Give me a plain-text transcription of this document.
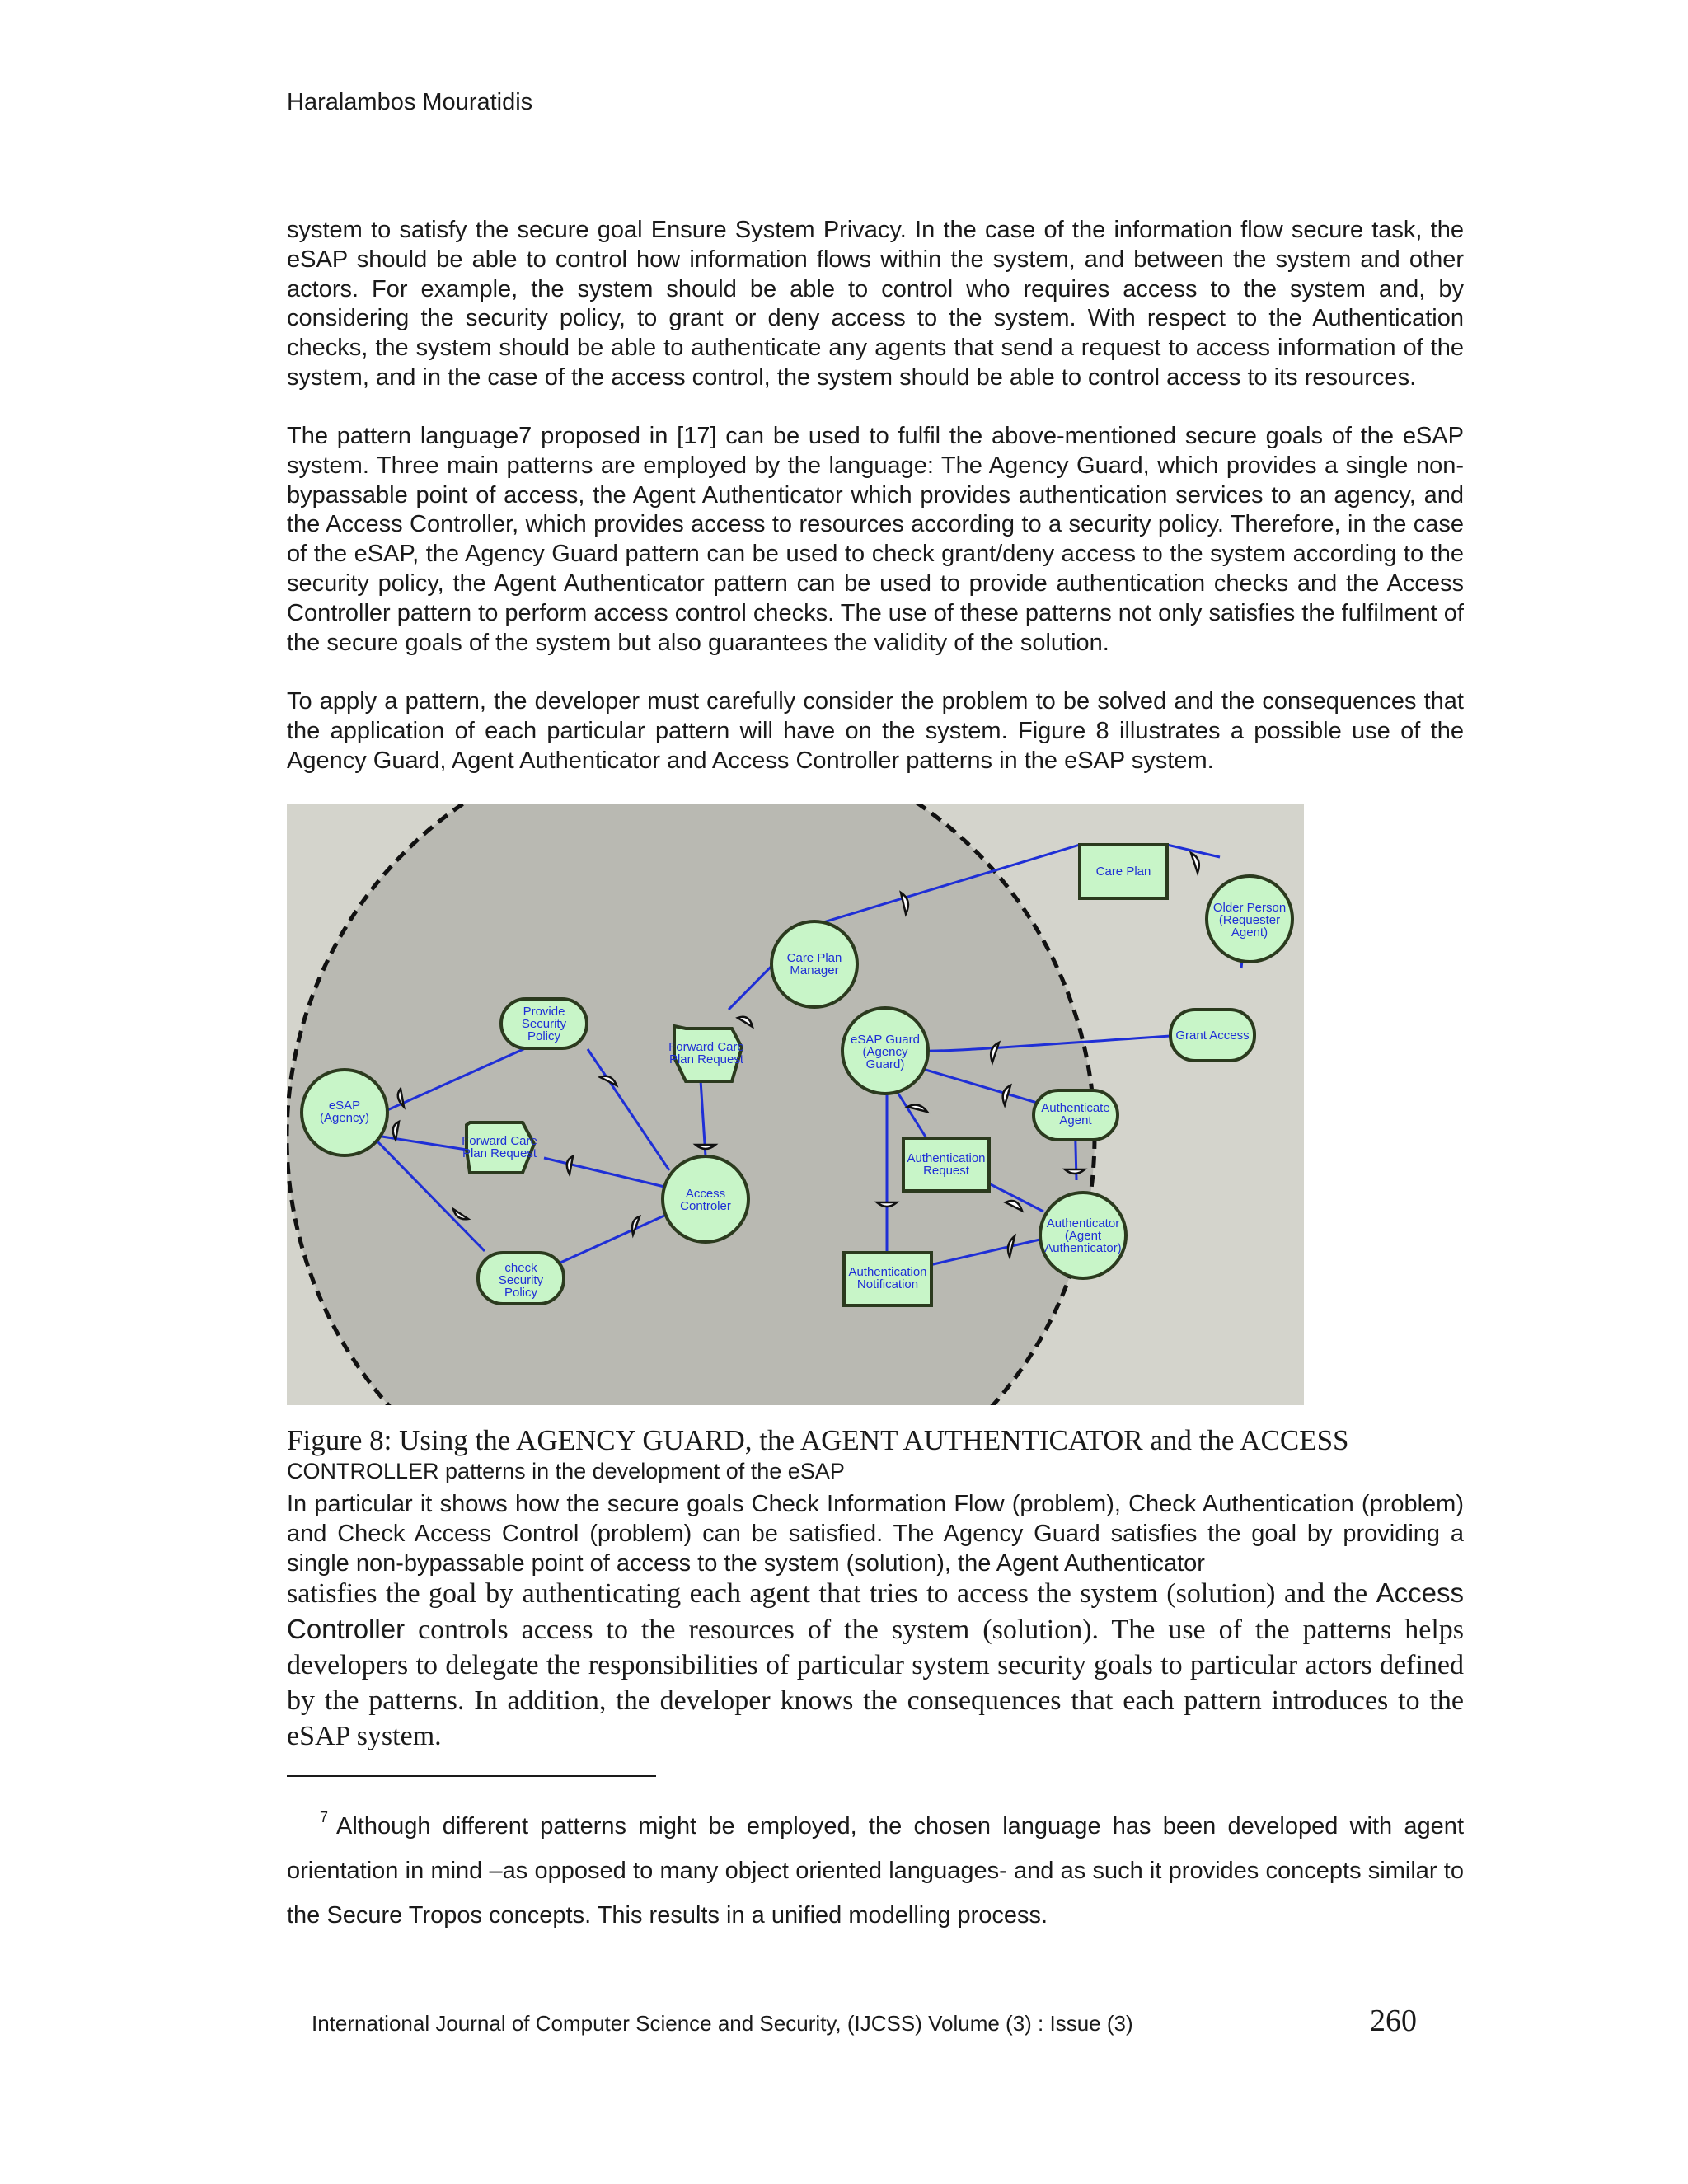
Haralambos Mouratidis

system to satisfy the secure goal Ensure System Privacy. In the case of the information flow secure task, the eSAP should be able to control how information flows within the system, and between the system and other actors. For example, the system should be able to control who requires access to the system and, by considering the security policy, to grant or deny access to the system. With respect to the Authentication checks, the system should be able to authenticate any agents that send a request to access information of the system, and in the case of the access control, the system should be able to control access to its resources.

The pattern language7 proposed in [17] can be used to fulfil the above-mentioned secure goals of the eSAP system. Three main patterns are employed by the language: The Agency Guard, which provides a single non-bypassable point of access, the Agent Authenticator which provides authentication services to an agency, and the Access Controller, which provides access to resources according to a security policy. Therefore, in the case of the eSAP, the Agency Guard pattern can be used to check grant/deny access to the system according to the security policy, the Agent Authenticator pattern can be used to provide authentication checks and the Access Controller pattern to perform access control checks. The use of these patterns not only satisfies the fulfilment of the secure goals of the system but also guarantees the validity of the solution.

To apply a pattern, the developer must carefully consider the problem to be solved and the consequences that the application of each particular pattern will have on the system. Figure 8 illustrates a possible use of the Agency Guard, Agent Authenticator and Access Controller patterns in the eSAP system.

eSAP (Agency)
Provide Security Policy
Forward Care Plan Request
Forward Care Plan Request
check Security Policy
Access Controler
Care Plan Manager
eSAP Guard (Agency Guard)
Care Plan
Older Person (Requester Agent)
Grant Access
Authenticate Agent
Authentication Request
Authenticator (Agent Authenticator)
Authentication Notification
Figure 8: Using the AGENCY GUARD, the AGENT AUTHENTICATOR and the ACCESS
CONTROLLER patterns in the development of the eSAP

In particular it shows how the secure goals Check Information Flow (problem), Check Authentication (problem) and Check Access Control (problem) can be satisfied. The Agency Guard satisfies the goal by providing a single non-bypassable point of access to the system (solution), the Agent Authenticator

satisfies the goal by authenticating each agent that tries to access the system (solution) and the Access Controller controls access to the resources of the system (solution). The use of the patterns helps developers to delegate the responsibilities of particular system security goals to particular actors defined by the patterns. In addition, the developer knows the consequences that each pattern introduces to the eSAP system.

$^7$ Although different patterns might be employed, the chosen language has been developed with agent orientation in mind –as opposed to many object oriented languages- and as such it provides concepts similar to the Secure Tropos concepts. This results in a unified modelling process.

International Journal of Computer Science and Security, (IJCSS) Volume (3) : Issue (3)	260
